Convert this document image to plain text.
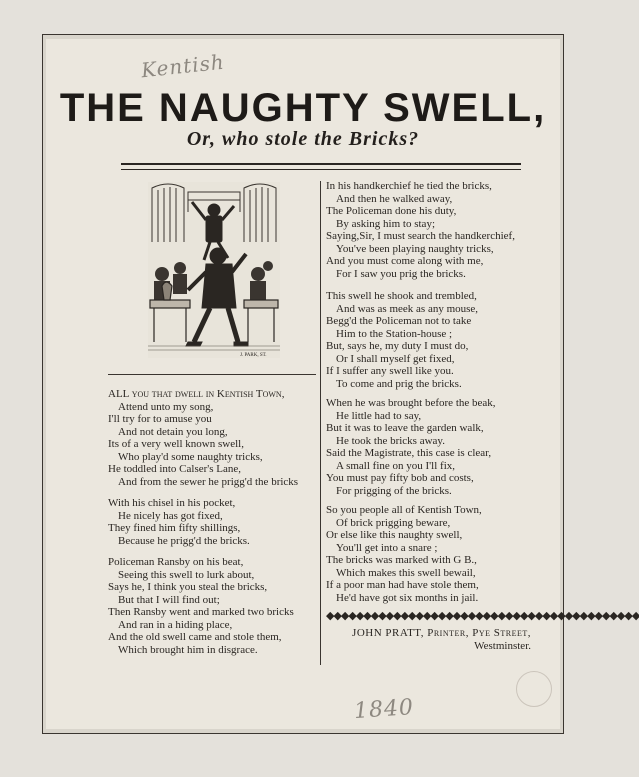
Kentish
THE NAUGHTY SWELL,
Or, who stole the Bricks?
J. PARK, ST.
ALL you that dwell in Kentish Town,
Attend unto my song,
I'll try for to amuse you
And not detain you long,
Its of a very well known swell,
Who play'd some naughty tricks,
He toddled into Calser's Lane,
And from the sewer he prigg'd the bricks
With his chisel in his pocket,
He nicely has got fixed,
They fined him fifty shillings,
Because he prigg'd the bricks.
Policeman Ransby on his beat,
Seeing this swell to lurk about,
Says he, I think you steal the bricks,
But that I will find out;
Then Ransby went and marked two bricks
And ran in a hiding place,
And the old swell came and stole them,
Which brought him in disgrace.
In his handkerchief he tied the bricks,
And then he walked away,
The Policeman done his duty,
By asking him to stay;
Saying,Sir, I must search the handkerchief,
You've been playing naughty tricks,
And you must come along with me,
For I saw you prig the bricks.
This swell he shook and trembled,
And was as meek as any mouse,
Begg'd the Policeman not to take
Him to the Station-house ;
But, says he, my duty I must do,
Or I shall myself get fixed,
If I suffer any swell like you.
To come and prig the bricks.
When he was brought before the beak,
He little had to say,
But it was to leave the garden walk,
He took the bricks away.
Said the Magistrate, this case is clear,
A small fine on you I'll fix,
You must pay fifty bob and costs,
For prigging of the bricks.
So you people all of Kentish Town,
Of brick prigging beware,
Or else like this naughty swell,
You'll get into a snare ;
The bricks was marked with G B.,
Which makes this swell bewail,
If a poor man had have stole them,
He'd have got six months in jail.
◆◆◆◆◆◆◆◆◆◆◆◆◆◆◆◆◆◆◆◆◆◆◆◆◆◆◆◆◆◆◆◆◆◆◆◆◆◆◆◆◆◆
JOHN PRATT, Printer, Pye Street,
Westminster.
1840
